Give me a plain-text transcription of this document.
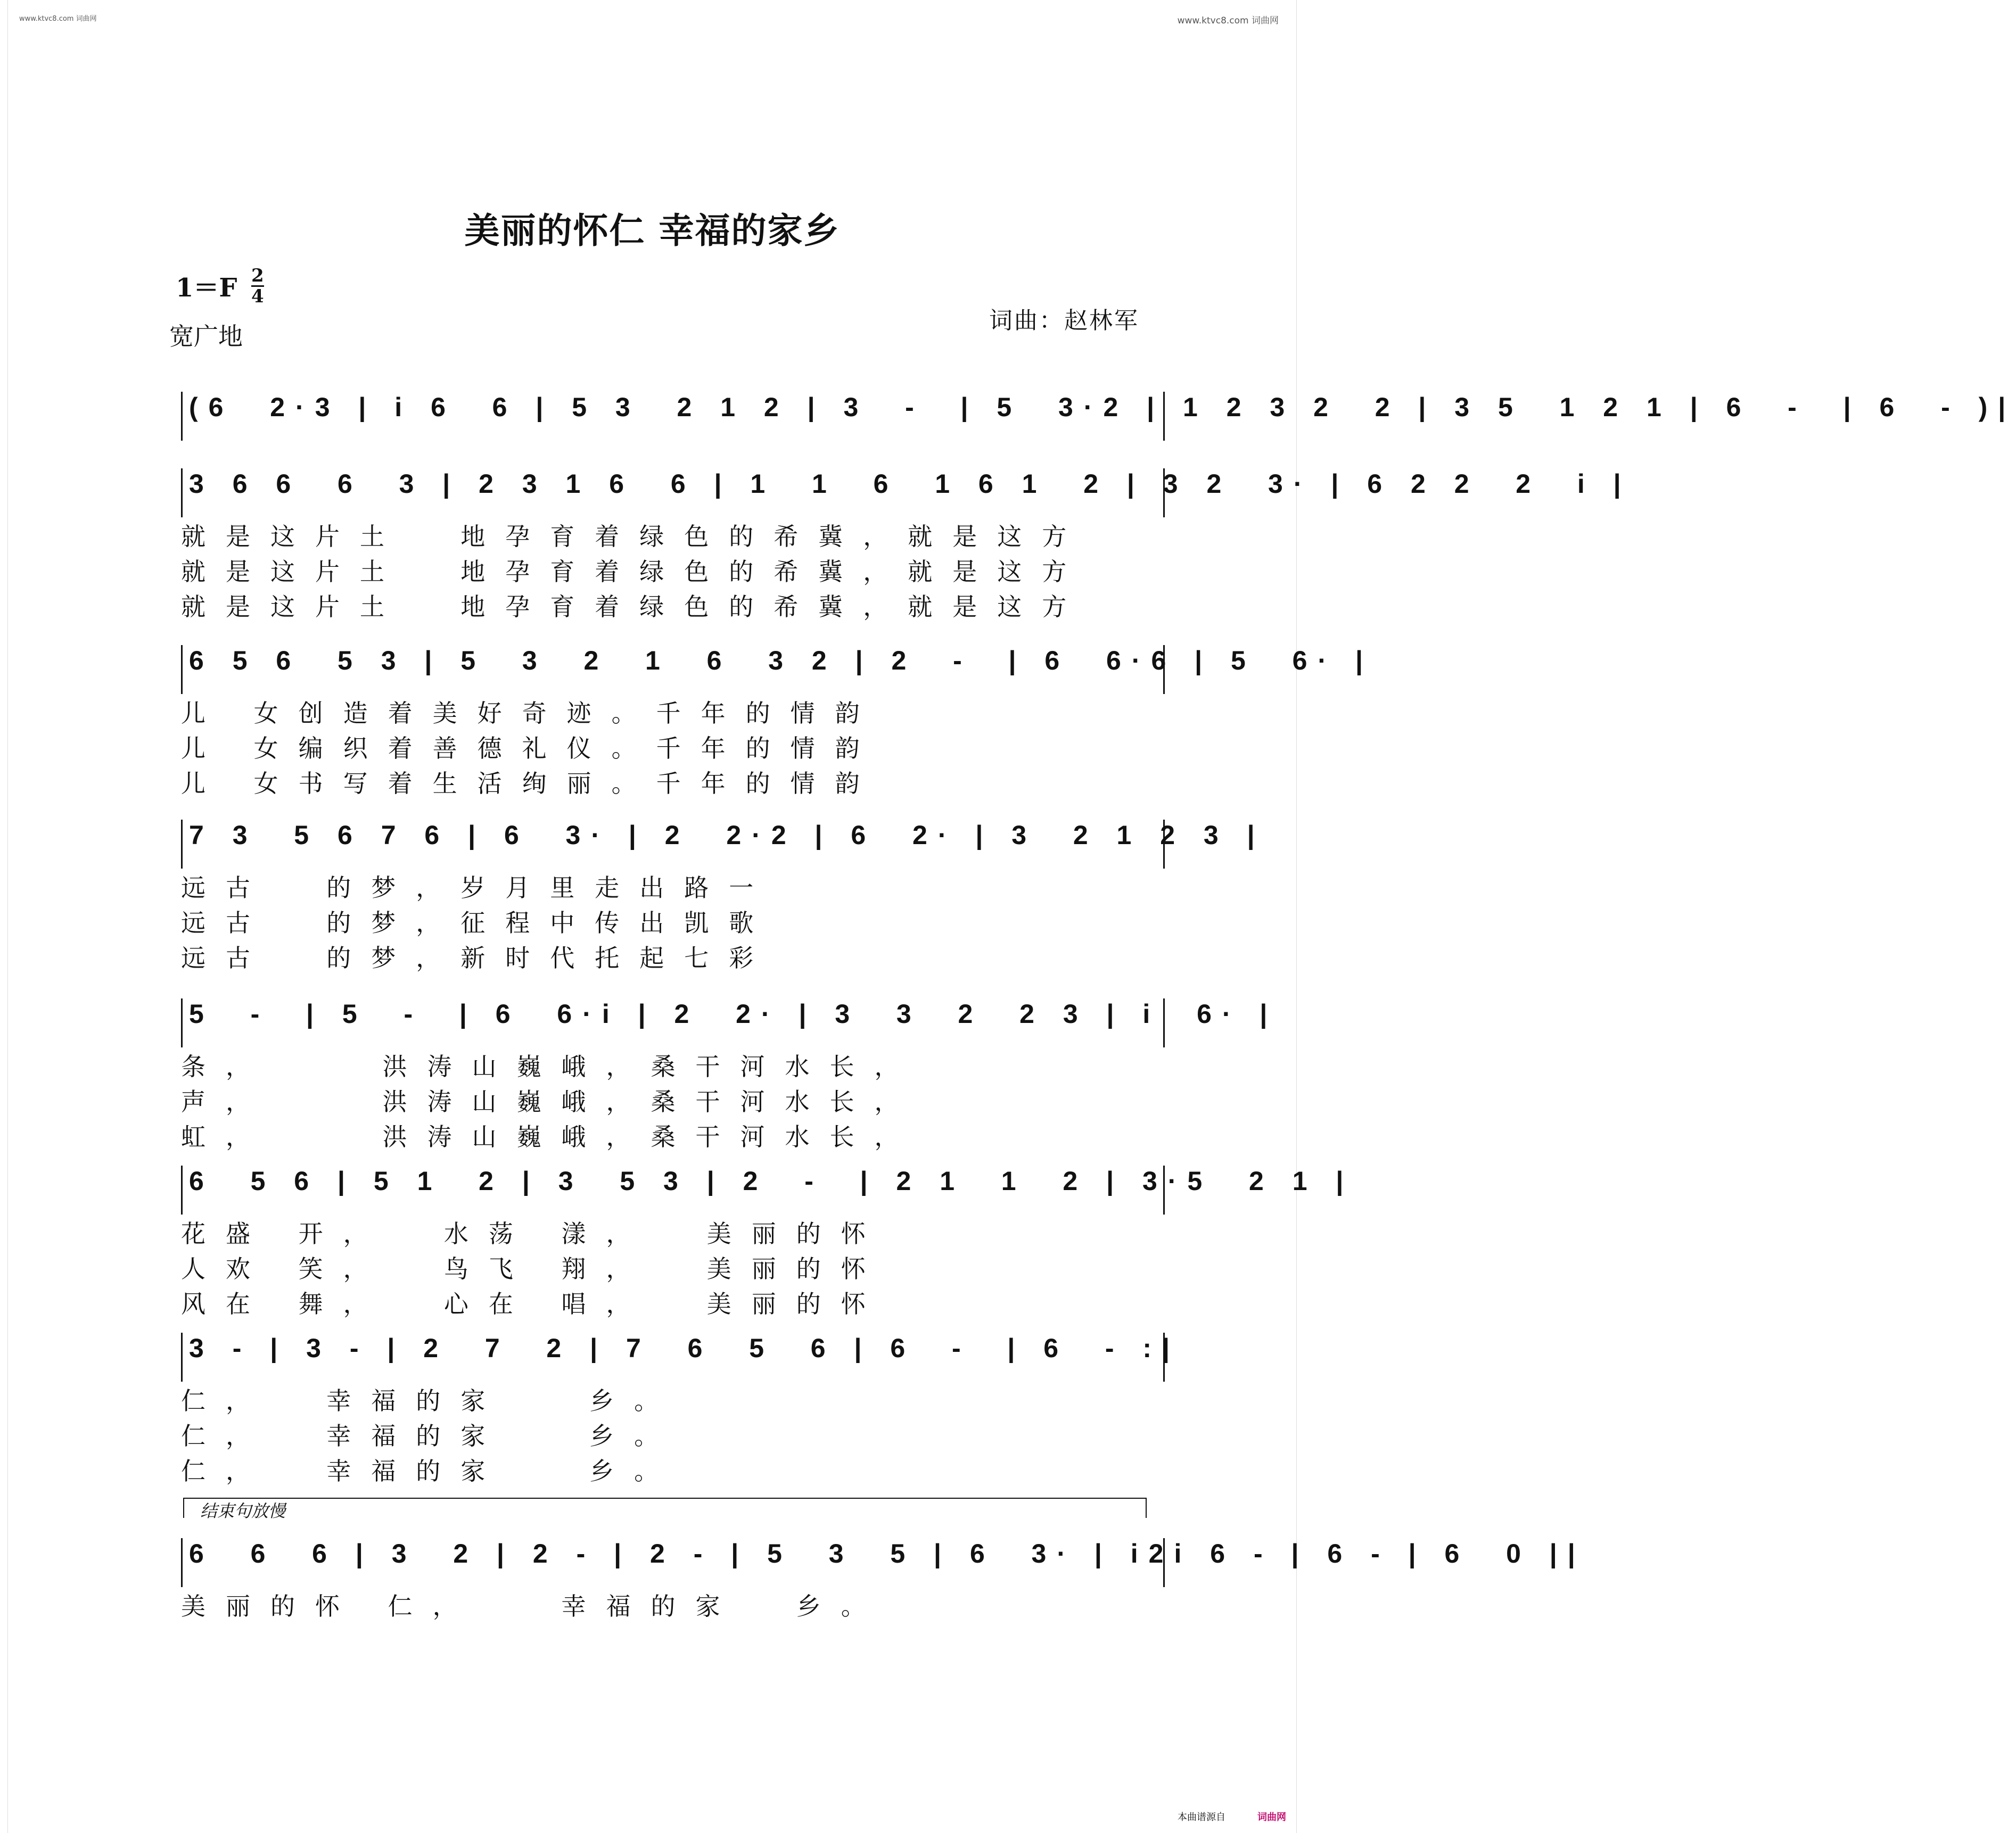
www.ktvc8.com 词曲网	www.ktvc8.com 词曲网
美丽的怀仁 幸福的家乡
$1=F \frac{2}{4}$
宽广地
词曲：赵林军
(6  2·3 | i 6  6 | 5 3  2 1 2 | 3  -  | 5  3·2 | 1 2 3 2  2 | 3 5  1 2 1 | 6  -  | 6  - )|
3 6 6  6  3 | 2 3 1 6  6 | 1  1  6  1 6 1  2 | 3 2  3· | 6 2 2  2  i |
就是这片土  地孕育着绿色的希冀，就是这方
就是这片土  地孕育着绿色的希冀，就是这方
就是这片土  地孕育着绿色的希冀，就是这方
6 5 6  5 3 | 5  3  2  1  6  3 2 | 2  -  | 6  6·6 | 5  6· |
儿 女创造着美好奇迹。千年的情韵
儿 女编织着善德礼仪。千年的情韵
儿 女书写着生活绚丽。千年的情韵
7 3  5 6 7 6 | 6  3· | 2  2·2 | 6  2· | 3  2 1 2 3 |
远古  的梦，岁月里走出路一
远古  的梦，征程中传出凯歌
远古  的梦，新时代托起七彩
5  -  | 5  -  | 6  6·i | 2  2· | 3  3  2  2 3 | i  6· |
条，    洪涛山巍峨，桑干河水长，
声，    洪涛山巍峨，桑干河水长，
虹，    洪涛山巍峨，桑干河水长，
6  5 6 | 5 1  2 | 3  5 3 | 2  -  | 2 1  1  2 | 3·5  2 1 |
花盛 开，  水荡 漾，  美丽的怀
人欢 笑，  鸟飞 翔，  美丽的怀
风在 舞，  心在 唱，  美丽的怀
3 - | 3 - | 2  7  2 | 7  6  5  6 | 6  -  | 6  - :|
仁，  幸福的家   乡。
仁，  幸福的家   乡。
仁，  幸福的家   乡。
结束句放慢
6  6  6 | 3  2 | 2 - | 2 - | 5  3  5 | 6  3· | i2i 6 - | 6 - | 6  0 ||
美丽的怀 仁，   幸福的家  乡。
本曲谱源自	词曲网
